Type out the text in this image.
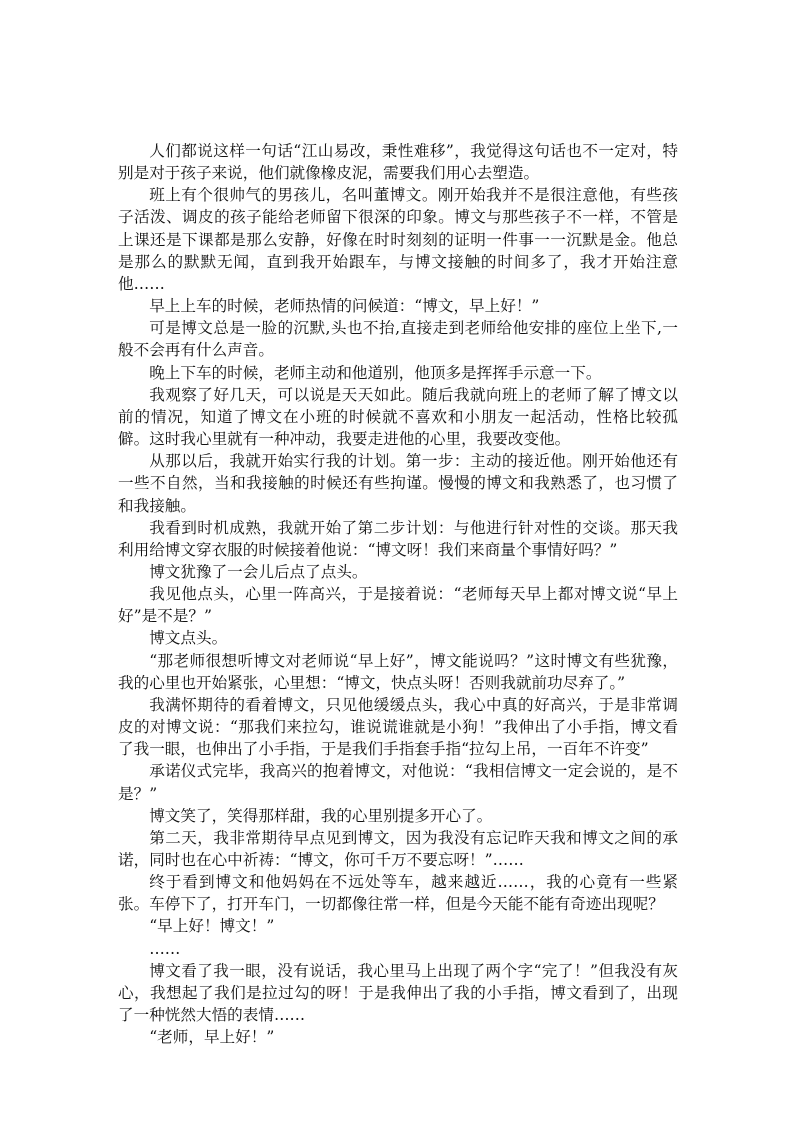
人们都说这样一句话“江山易改，秉性难移”，我觉得这句话也不一定对，特别是对于孩子来说，他们就像橡皮泥，需要我们用心去塑造。

班上有个很帅气的男孩儿，名叫董博文。刚开始我并不是很注意他，有些孩子活泼、调皮的孩子能给老师留下很深的印象。博文与那些孩子不一样，不管是上课还是下课都是那么安静，好像在时时刻刻的证明一件事一一沉默是金。他总是那么的默默无闻，直到我开始跟车，与博文接触的时间多了，我才开始注意他……

早上上车的时候，老师热情的问候道：“博文，早上好！”

可是博文总是一脸的沉默,头也不抬,直接走到老师给他安排的座位上坐下,一般不会再有什么声音。

晚上下车的时候，老师主动和他道别，他顶多是挥挥手示意一下。

我观察了好几天，可以说是天天如此。随后我就向班上的老师了解了博文以前的情况，知道了博文在小班的时候就不喜欢和小朋友一起活动，性格比较孤僻。这时我心里就有一种冲动，我要走进他的心里，我要改变他。

从那以后，我就开始实行我的计划。第一步：主动的接近他。刚开始他还有一些不自然，当和我接触的时候还有些拘谨。慢慢的博文和我熟悉了，也习惯了和我接触。

我看到时机成熟，我就开始了第二步计划：与他进行针对性的交谈。那天我利用给博文穿衣服的时候接着他说：“博文呀！我们来商量个事情好吗？”

博文犹豫了一会儿后点了点头。

我见他点头，心里一阵高兴，于是接着说：“老师每天早上都对博文说“早上好”是不是？”

博文点头。

“那老师很想听博文对老师说“早上好”，博文能说吗？”这时博文有些犹豫，我的心里也开始紧张，心里想：“博文，快点头呀！否则我就前功尽弃了。”

我满怀期待的看着博文，只见他缓缓点头，我心中真的好高兴，于是非常调皮的对博文说：“那我们来拉勾，谁说谎谁就是小狗！”我伸出了小手指，博文看了我一眼，也伸出了小手指，于是我们手指套手指“拉勾上吊，一百年不许变”

承诺仪式完毕，我高兴的抱着博文，对他说：“我相信博文一定会说的，是不是？”

博文笑了，笑得那样甜，我的心里别提多开心了。

第二天，我非常期待早点见到博文，因为我没有忘记昨天我和博文之间的承诺，同时也在心中祈祷：“博文，你可千万不要忘呀！”……

终于看到博文和他妈妈在不远处等车，越来越近……，我的心竟有一些紧张。车停下了，打开车门，一切都像往常一样，但是今天能不能有奇迹出现呢？

“早上好！博文！”

……

博文看了我一眼，没有说话，我心里马上出现了两个字“完了！”但我没有灰心，我想起了我们是拉过勾的呀！于是我伸出了我的小手指，博文看到了，出现了一种恍然大悟的表情……

“老师，早上好！”
